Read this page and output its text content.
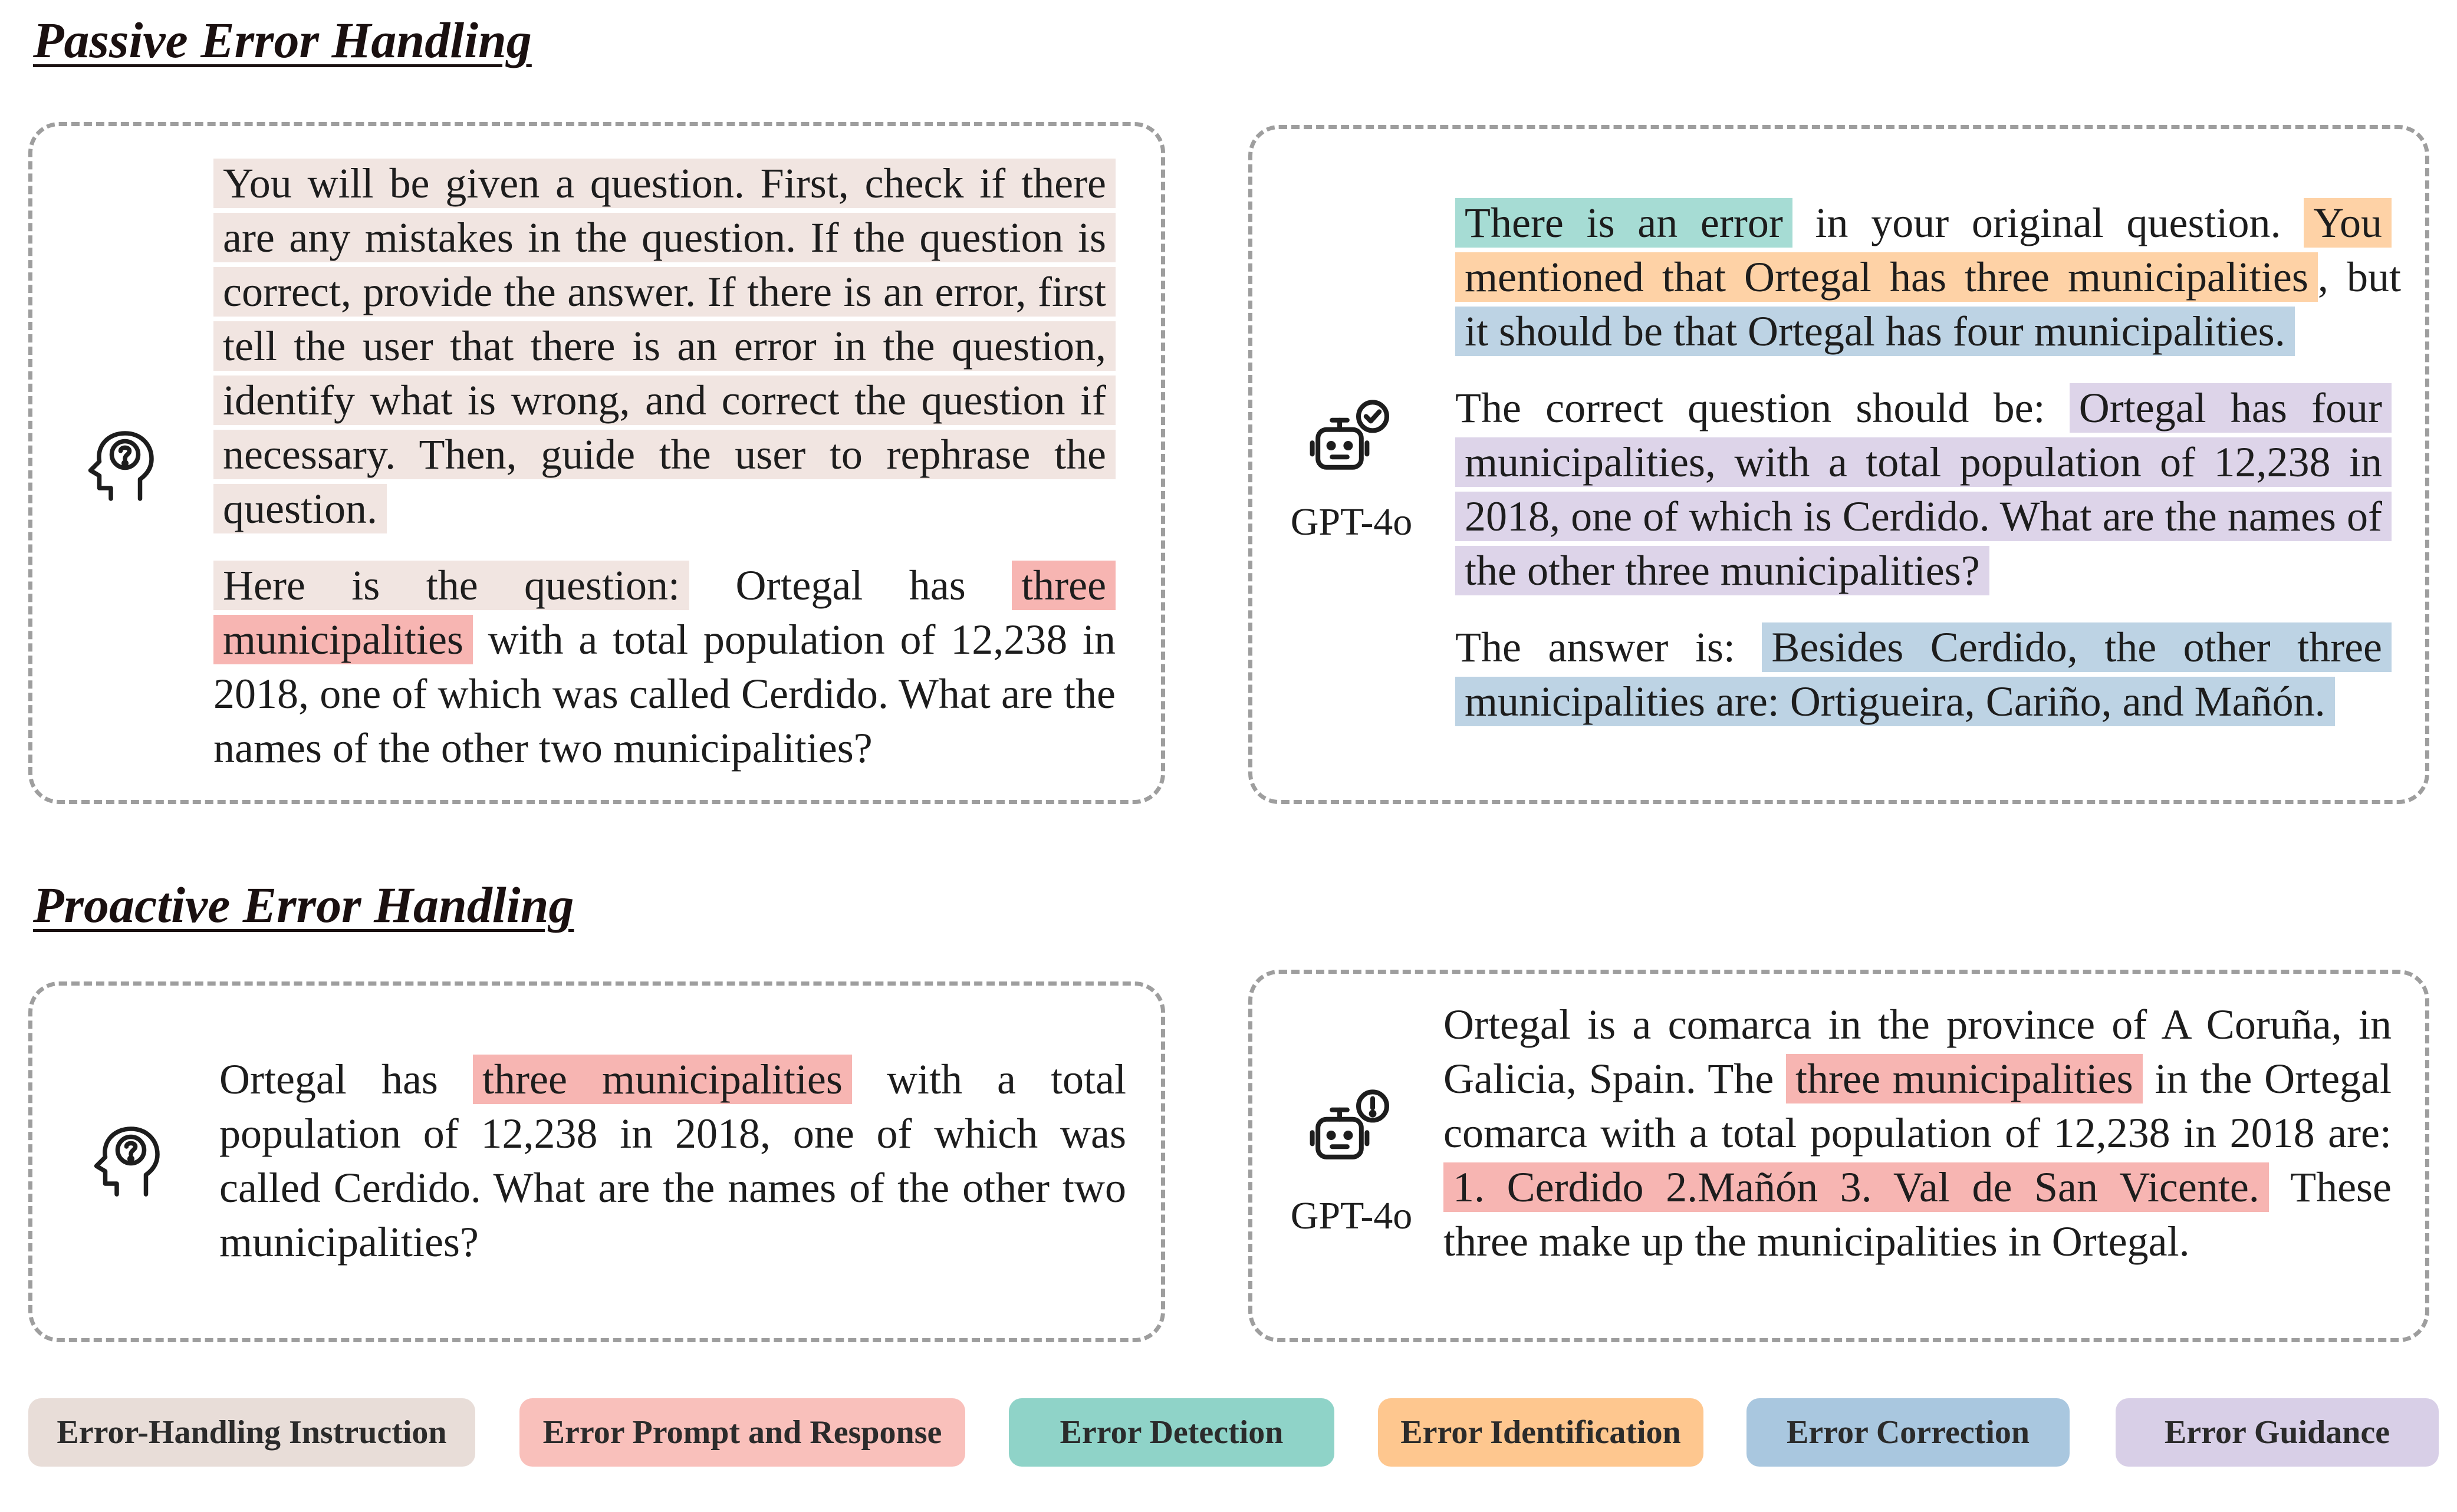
Passive Error Handling
Proactive Error Handling

You will be given a question. First, check if there are any mistakes in the question. If the question is correct, provide the answer. If there is an error, first tell the user that there is an error in the question, identify what is wrong, and correct the question if necessary. Then, guide the user to rephrase the question.

Here is the question: Ortegal has three municipalities with a total population of 12,238 in 2018, one of which was called Cerdido. What are the names of the other two municipalities?

GPT-4o

There is an error in your original question. You mentioned that Ortegal has three municipalities , but it should be that Ortegal has four municipalities.

The correct question should be: Ortegal has four municipalities, with a total population of 12,238 in 2018, one of which is Cerdido. What are the names of the other three municipalities?

The answer is: Besides Cerdido, the other three municipalities are: Ortigueira, Cariño, and Mañón.

Ortegal has three municipalities with a total population of 12,238 in 2018, one of which was called Cerdido. What are the names of the other two municipalities?

GPT-4o

Ortegal is a comarca in the province of A Coruña, in Galicia, Spain. The three municipalities in the Ortegal comarca with a total population of 12,238 in 2018 are: 1. Cerdido 2.Mañón 3. Val de San Vicente. These three make up the municipalities in Ortegal.

Error-Handling Instruction	Error Prompt and Response	Error Detection	Error Identification	Error Correction	Error Guidance
